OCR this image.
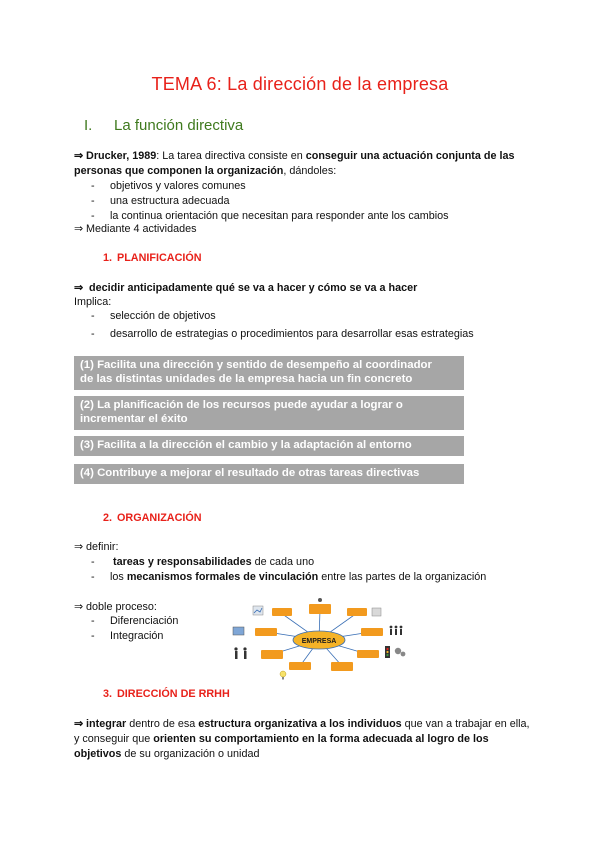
TEMA 6: La dirección de la empresa
I. La función directiva
⇒ Drucker, 1989: La tarea directiva consiste en conseguir una actuación conjunta de las personas que componen la organización, dándoles:
- objetivos y valores comunes
- una estructura adecuada
- la continua orientación que necesitan para responder ante los cambios
⇒ Mediante 4 actividades
1. PLANIFICACIÓN
⇒ decidir anticipadamente qué se va a hacer y cómo se va a hacer
Implica:
- selección de objetivos
- desarrollo de estrategias o procedimientos para desarrollar esas estrategias
(1) Facilita una dirección y sentido de desempeño al coordinador
de las distintas unidades de la empresa hacia un fin concreto
(2) La planificación de los recursos puede ayudar a lograr o
incrementar el éxito
(3) Facilita a la dirección el cambio y la adaptación al entorno
(4) Contribuye a mejorar el resultado de otras tareas directivas
2. ORGANIZACIÓN
⇒ definir:
- tareas y responsabilidades de cada uno
- los mecanismos formales de vinculación entre las partes de la organización
⇒ doble proceso:
- Diferenciación
- Integración	EMPRESA
3. DIRECCIÓN DE RRHH
⇒ integrar dentro de esa estructura organizativa a los individuos que van a trabajar en ella, y conseguir que orienten su comportamiento en la forma adecuada al logro de los objetivos de su organización o unidad
